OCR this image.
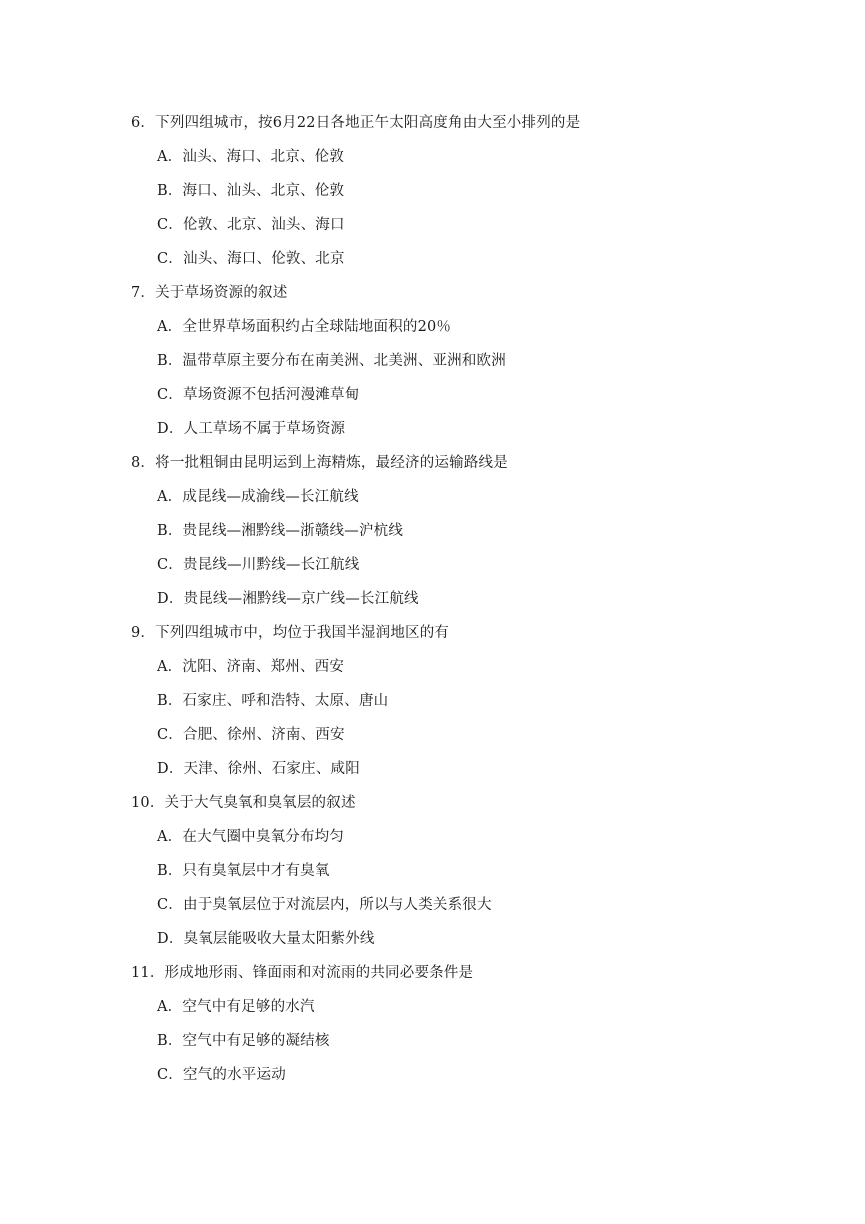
6．下列四组城市，按6月22日各地正午太阳高度角由大至小排列的是
A．汕头、海口、北京、伦敦
B．海口、汕头、北京、伦敦
C．伦敦、北京、汕头、海口
C．汕头、海口、伦敦、北京
7．关于草场资源的叙述
A．全世界草场面积约占全球陆地面积的20％
B．温带草原主要分布在南美洲、北美洲、亚洲和欧洲
C．草场资源不包括河漫滩草甸
D．人工草场不属于草场资源
8．将一批粗铜由昆明运到上海精炼，最经济的运输路线是
A．成昆线—成渝线—长江航线
B．贵昆线—湘黔线—浙赣线—沪杭线
C．贵昆线—川黔线—长江航线
D．贵昆线—湘黔线—京广线—长江航线
9．下列四组城市中，均位于我国半湿润地区的有
A．沈阳、济南、郑州、西安
B．石家庄、呼和浩特、太原、唐山
C．合肥、徐州、济南、西安
D．天津、徐州、石家庄、咸阳
10．关于大气臭氧和臭氧层的叙述
A．在大气圈中臭氧分布均匀
B．只有臭氧层中才有臭氧
C．由于臭氧层位于对流层内，所以与人类关系很大
D．臭氧层能吸收大量太阳紫外线
11．形成地形雨、锋面雨和对流雨的共同必要条件是
A．空气中有足够的水汽
B．空气中有足够的凝结核
C．空气的水平运动
